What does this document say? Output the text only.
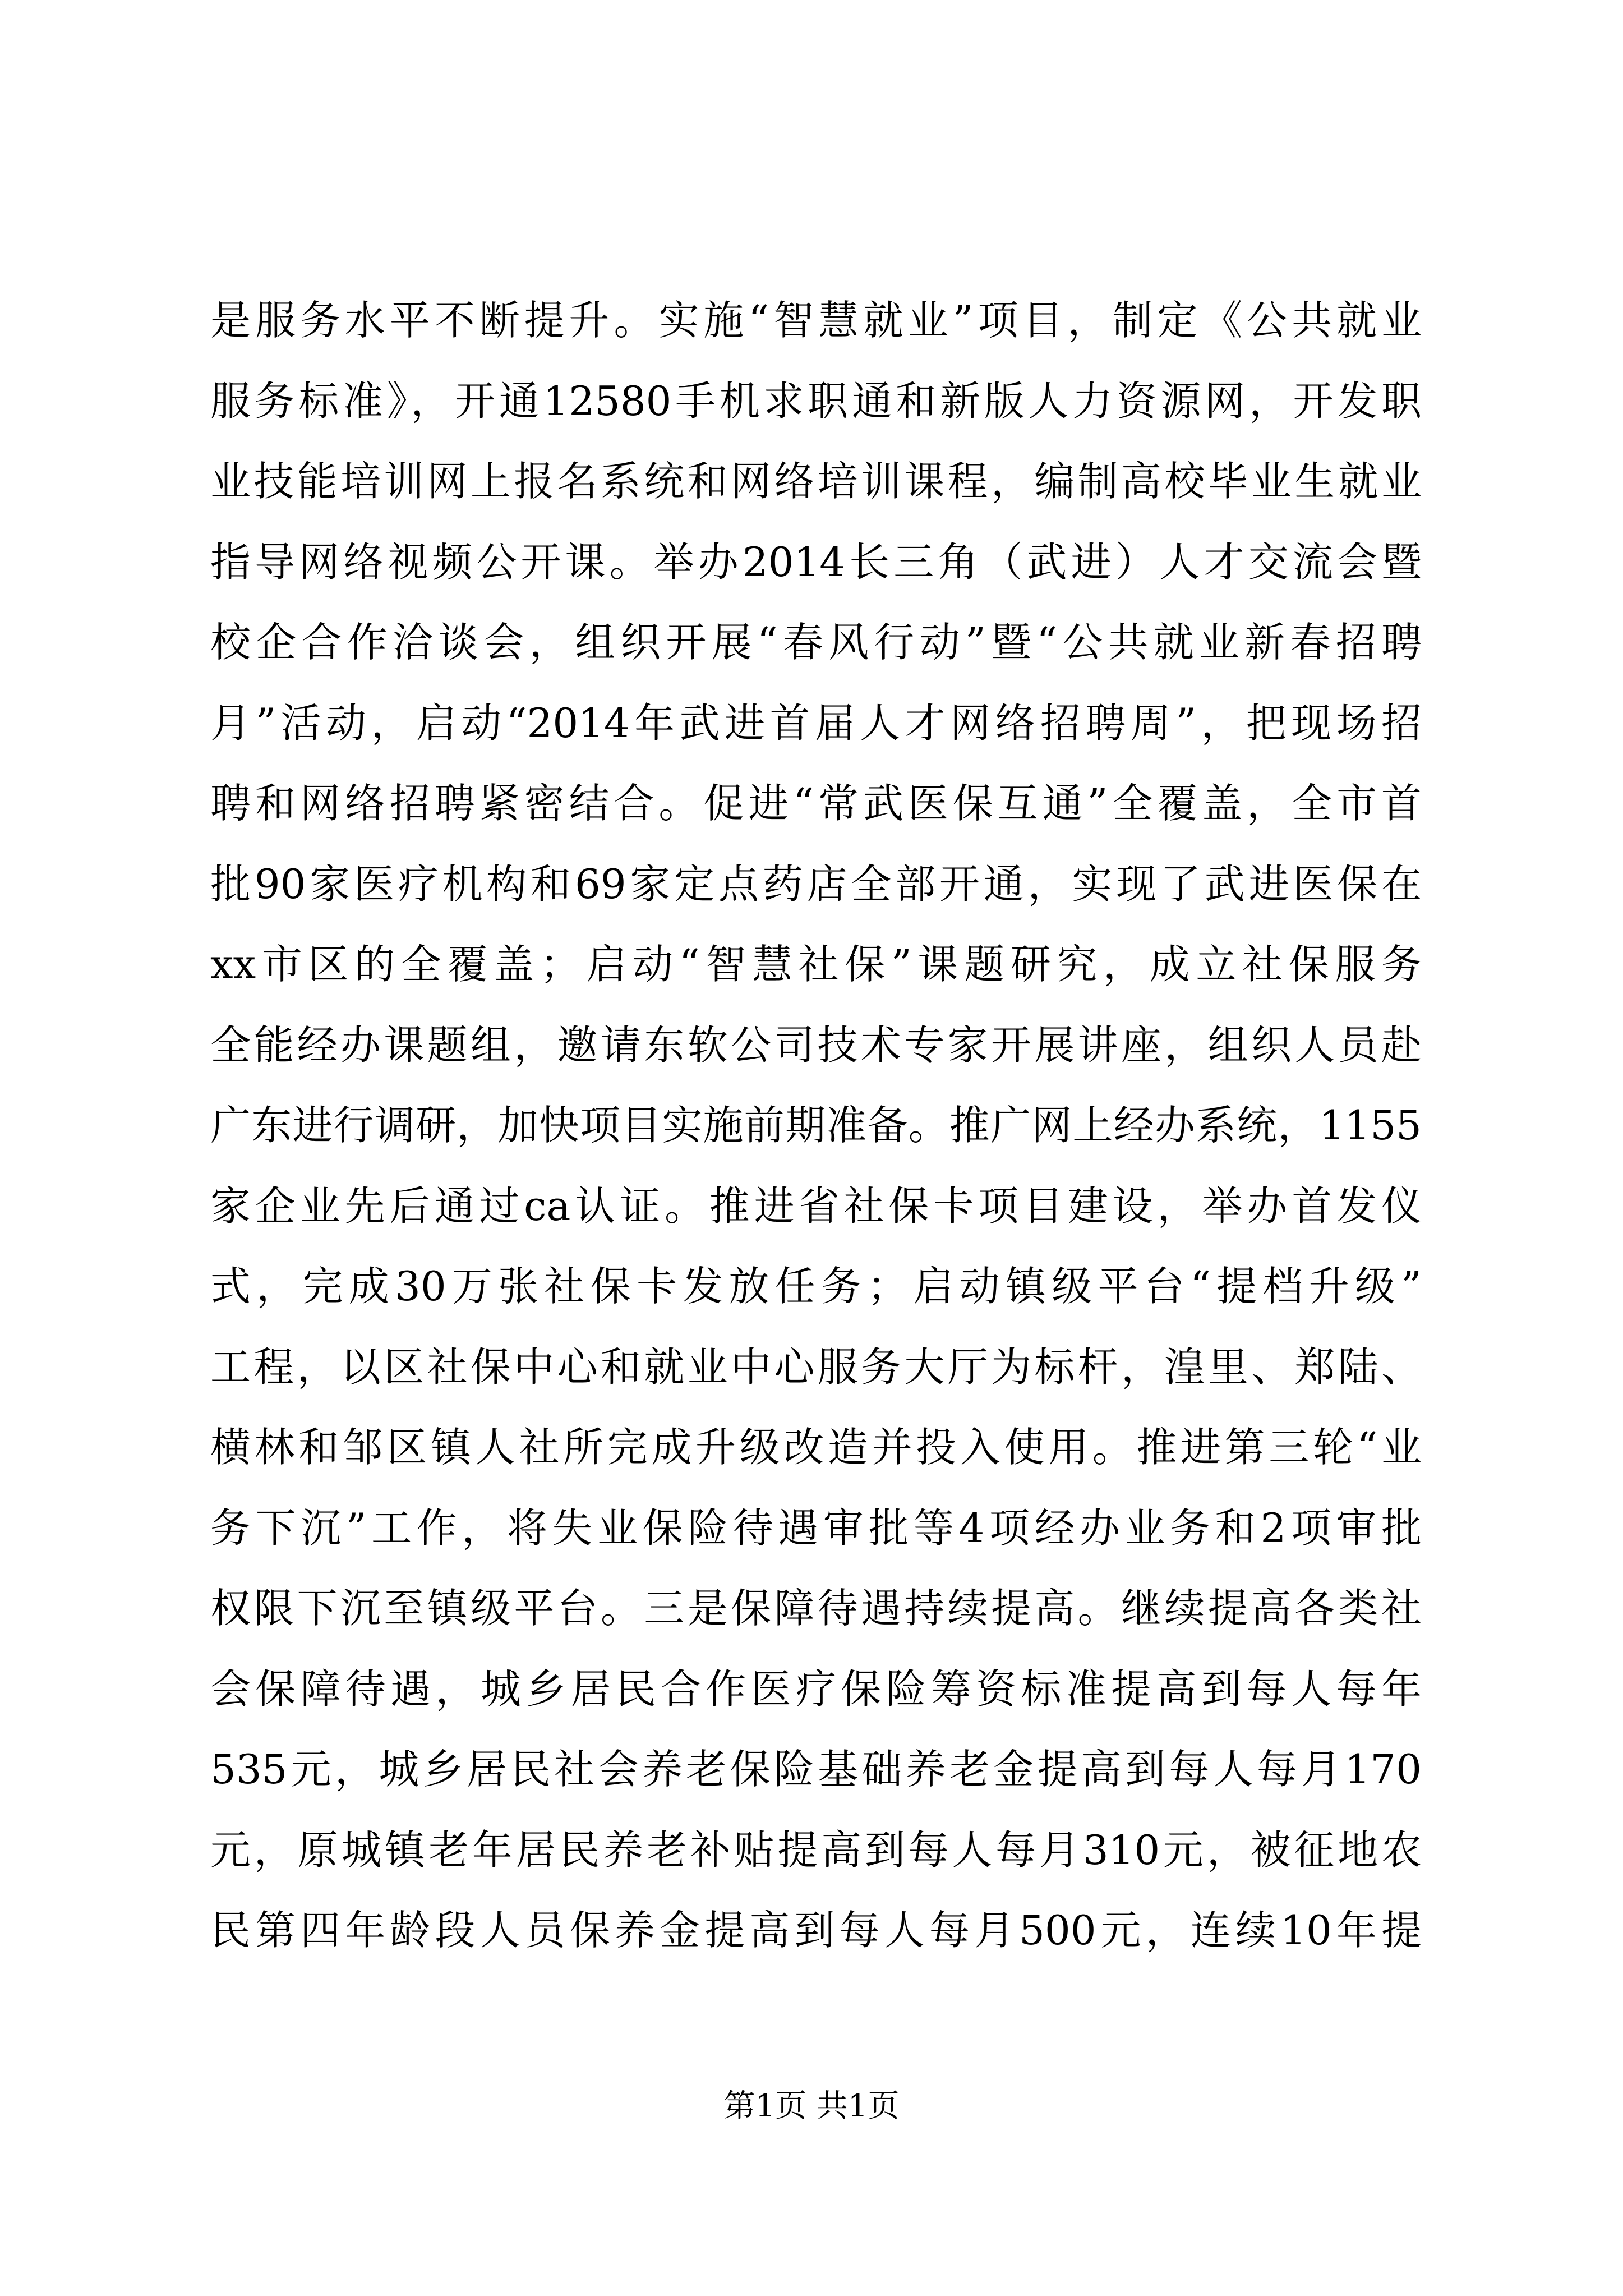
是服务水平不断提升。实施“智慧就业”项目，制定《公共就业
服务标准》，开通12580手机求职通和新版人力资源网，开发职
业技能培训网上报名系统和网络培训课程，编制高校毕业生就业
指导网络视频公开课。举办2014长三角（武进）人才交流会暨
校企合作洽谈会，组织开展“春风行动”暨“公共就业新春招聘
月”活动，启动“2014年武进首届人才网络招聘周”，把现场招
聘和网络招聘紧密结合。促进“常武医保互通”全覆盖，全市首
批90家医疗机构和69家定点药店全部开通，实现了武进医保在
xx市区的全覆盖；启动“智慧社保”课题研究，成立社保服务
全能经办课题组，邀请东软公司技术专家开展讲座，组织人员赴
广东进行调研，加快项目实施前期准备。推广网上经办系统，1155
家企业先后通过ca认证。推进省社保卡项目建设，举办首发仪
式，完成30万张社保卡发放任务；启动镇级平台“提档升级”
工程，以区社保中心和就业中心服务大厅为标杆，湟里、郑陆、
横林和邹区镇人社所完成升级改造并投入使用。推进第三轮“业
务下沉”工作，将失业保险待遇审批等4项经办业务和2项审批
权限下沉至镇级平台。三是保障待遇持续提高。继续提高各类社
会保障待遇，城乡居民合作医疗保险筹资标准提高到每人每年
535元，城乡居民社会养老保险基础养老金提高到每人每月170
元，原城镇老年居民养老补贴提高到每人每月310元，被征地农
民第四年龄段人员保养金提高到每人每月500元，连续10年提
第1页 共1页
